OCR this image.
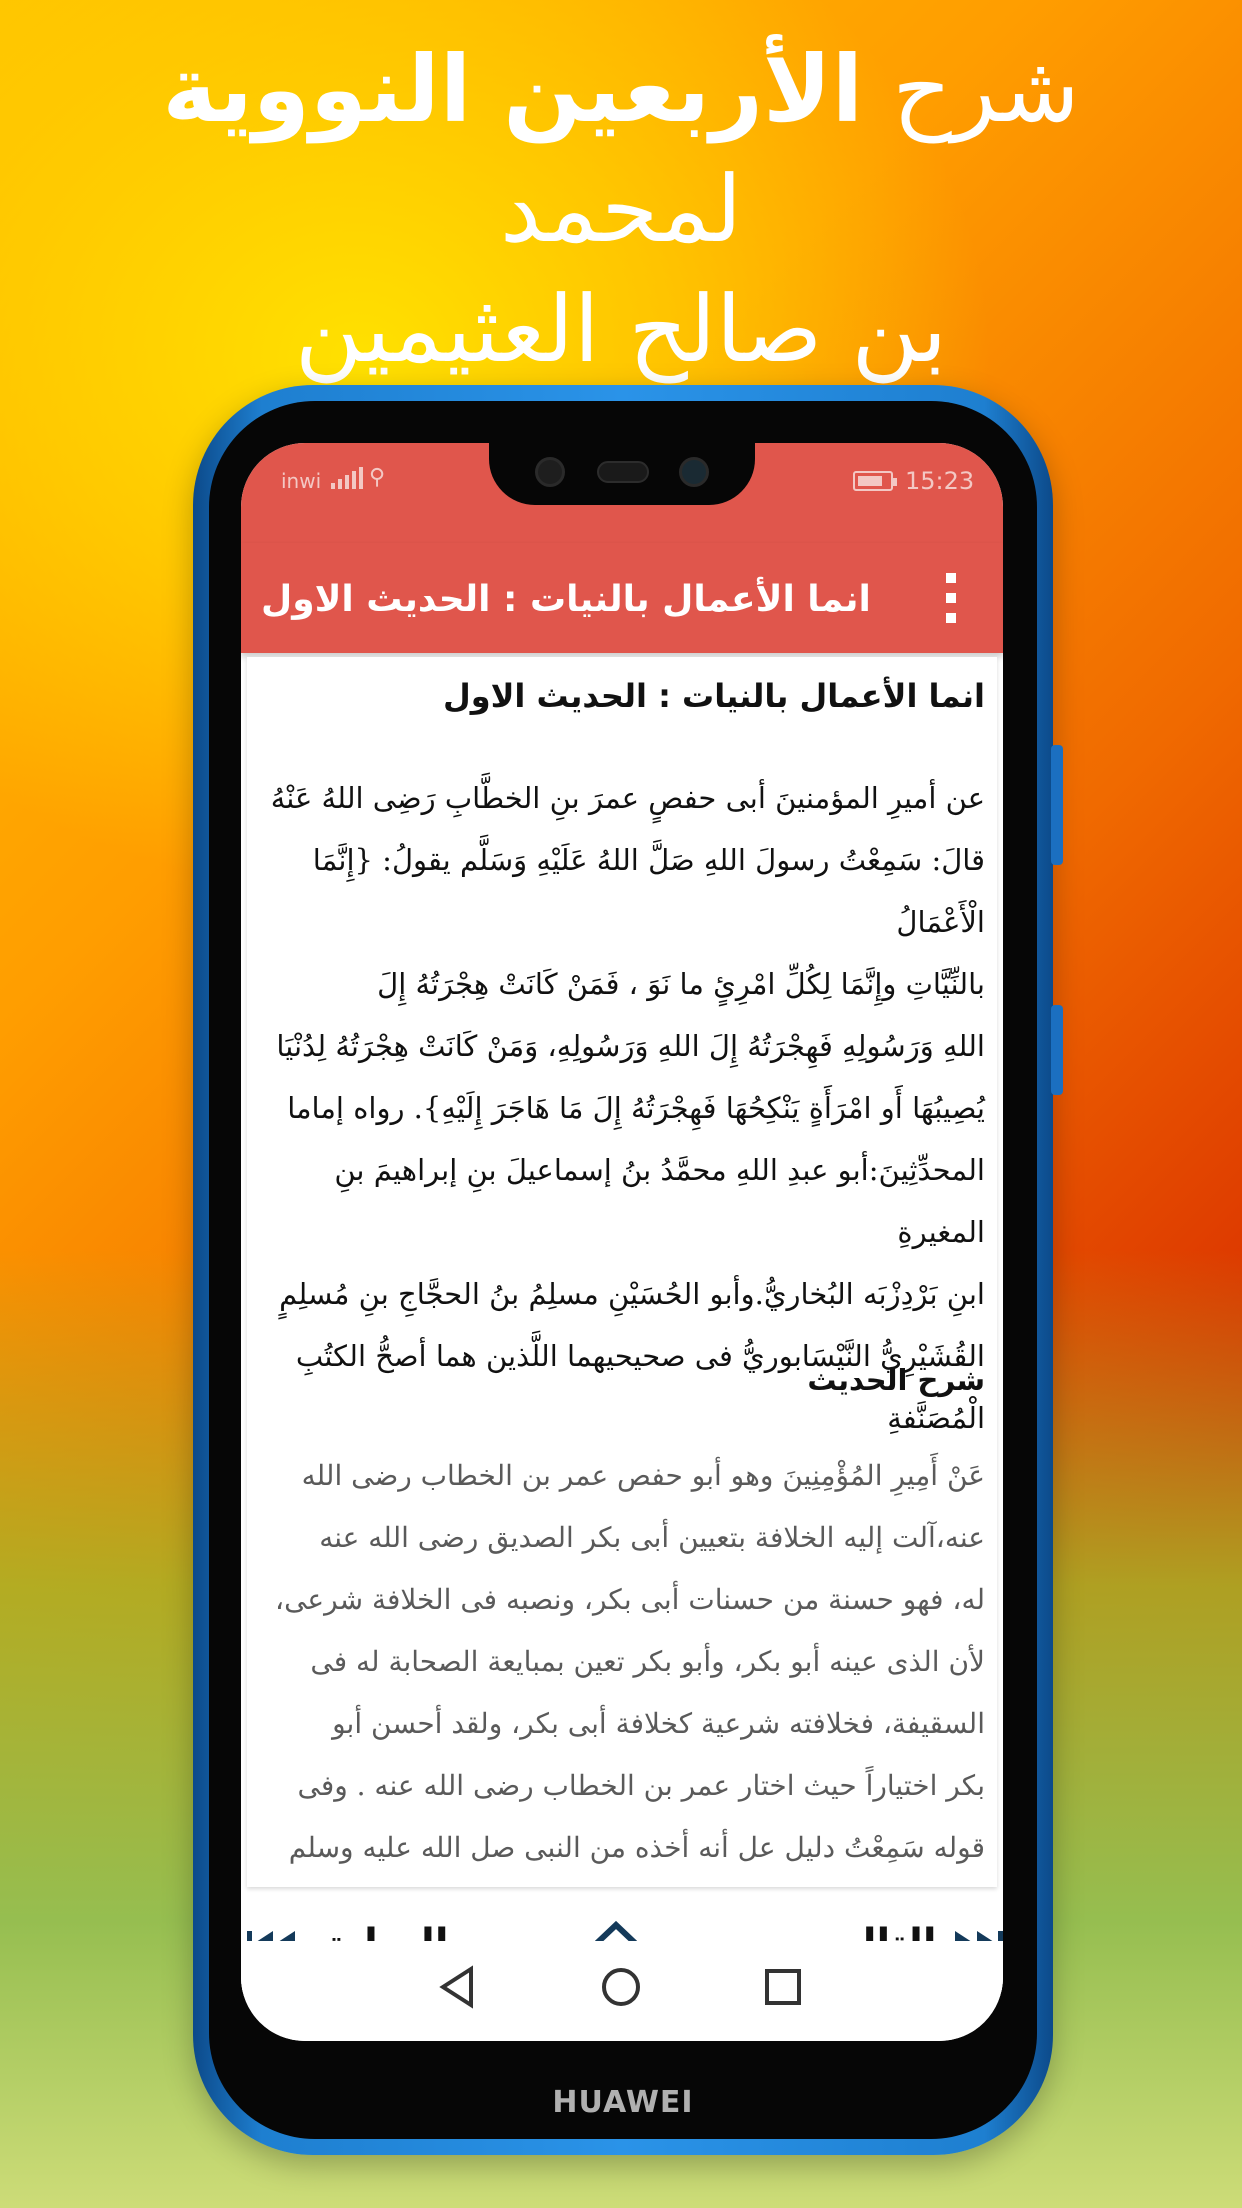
شرح الأربعين النووية لمحمد
بن صالح العثيمين
inwi ⚲	15:23
انما الأعمال بالنيات : الحديث الاول
انما الأعمال بالنيات : الحديث الاول
عن أميرِ المؤمنينَ أبى حفصٍ عمرَ بنِ الخطَّابِ رَضِى اللهُ عَنْهُ
قالَ: سَمِعْتُ رسولَ اللهِ صَلَّ اللهُ عَلَيْهِ وَسَلَّم يقولُ: {إِنَّمَا الْأَعْمَالُ
بالنِّيَّاتِ وإِنَّمَا لِكُلِّ امْرِئٍ ما نَوَ ، فَمَنْ كَانَتْ هِجْرَتُهُ إِلَ
اللهِ وَرَسُولِهِ فَهِجْرَتُهُ إِلَ اللهِ وَرَسُولِهِ، وَمَنْ كَانَتْ هِجْرَتُهُ لِدُنْيَا
يُصِيبُهَا أَو امْرَأَةٍ يَنْكِحُهَا فَهِجْرَتُهُ إِلَ مَا هَاجَرَ إِلَيْهِ}. رواه إماما
المحدِّثِينَ:أبو عبدِ اللهِ محمَّدُ بنُ إسماعيلَ بنِ إبراهيمَ بنِ المغيرةِ
ابنِ بَرْدِزْبَه البُخاريُّ.وأبو الحُسَيْنِ مسلِمُ بنُ الحجَّاجِ بنِ مُسلِمٍ
القُشَيْرِيُّ النَّيْسَابوريُّ فى صحيحيهما اللَّذين هما أصحُّ الكتُبِ
الْمُصَنَّفةِ
شرح الحديث
عَنْ أَمِيرِ المُؤْمِنِينَ وهو أبو حفص عمر بن الخطاب رضى الله
عنه،آلت إليه الخلافة بتعيين أبى بكر الصديق رضى الله عنه
له، فهو حسنة من حسنات أبى بكر، ونصبه فى الخلافة شرعى،
لأن الذى عينه أبو بكر، وأبو بكر تعين بمبايعة الصحابة له فى
السقيفة، فخلافته شرعية كخلافة أبى بكر، ولقد أحسن أبو
بكر اختياراً حيث اختار عمر بن الخطاب رضى الله عنه . وفى
قوله سَمِعْتُ دليل عل أنه أخذه من النبى صل الله عليه وسلم
HUAWEI
